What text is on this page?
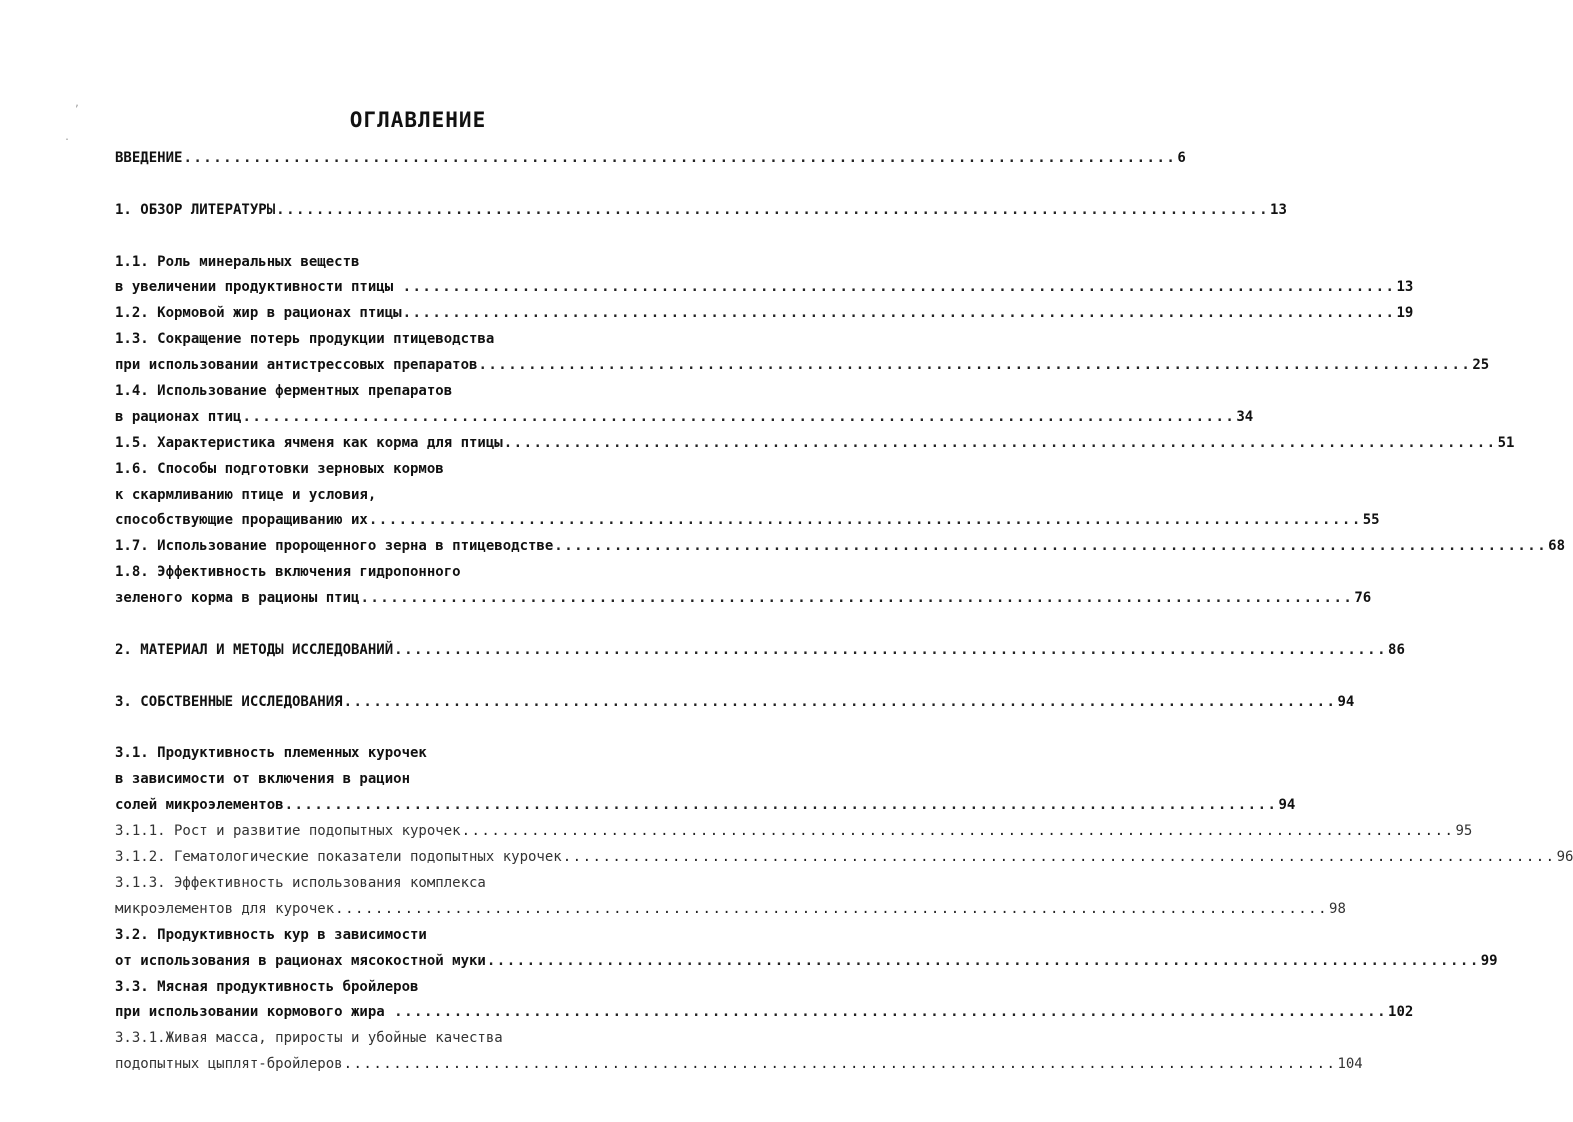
,
.
ОГЛАВЛЕНИЕ
ВВЕДЕНИЕ .................................................................................................... 6
1. ОБЗОР ЛИТЕРАТУРЫ .................................................................................................... 13
1.1. Роль минеральных веществ
в увеличении продуктивности птицы .................................................................................................... 13
1.2. Кормовой жир в рационах птицы .................................................................................................... 19
1.3. Сокращение потерь продукции птицеводства
при использовании антистрессовых препаратов .................................................................................................... 25
1.4. Использование ферментных препаратов
в рационах птиц .................................................................................................... 34
1.5. Характеристика ячменя как корма для птицы .................................................................................................... 51
1.6. Способы подготовки зерновых кормов
к скармливанию птице и условия,
способствующие проращиванию их .................................................................................................... 55
1.7. Использование пророщенного зерна в птицеводстве .................................................................................................... 68
1.8. Эффективность включения гидропонного
зеленого корма в рационы птиц .................................................................................................... 76
2. МАТЕРИАЛ И МЕТОДЫ ИССЛЕДОВАНИЙ .................................................................................................... 86
3. СОБСТВЕННЫЕ ИССЛЕДОВАНИЯ .................................................................................................... 94
3.1. Продуктивность племенных курочек
в зависимости от включения в рацион
солей микроэлементов .................................................................................................... 94
3.1.1. Рост и развитие подопытных курочек .................................................................................................... 95
3.1.2. Гематологические показатели подопытных курочек .................................................................................................... 96
3.1.3. Эффективность использования комплекса
микроэлементов для курочек .................................................................................................... 98
3.2. Продуктивность кур в зависимости
от использования в рационах мясокостной муки .................................................................................................... 99
3.3. Мясная продуктивность бройлеров
при использовании кормового жира .................................................................................................... 102
3.3.1.Живая масса, приросты и убойные качества
подопытных цыплят-бройлеров .................................................................................................... 104
